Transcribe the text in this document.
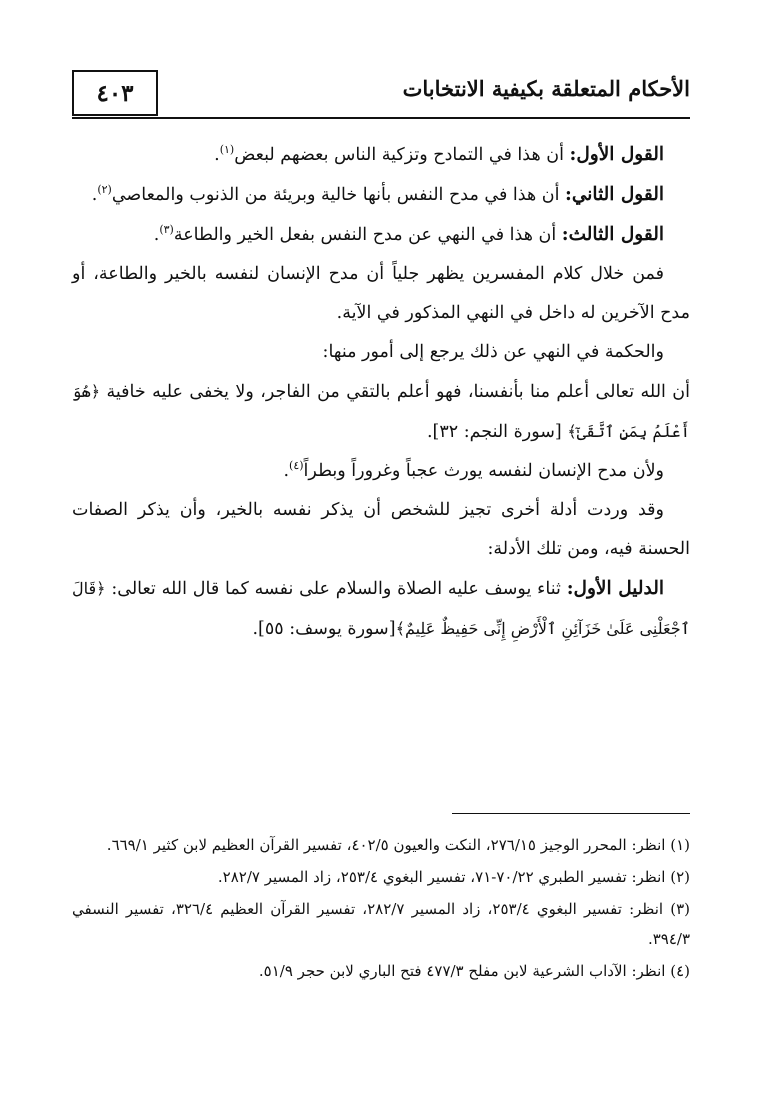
الأحكام المتعلقة بكيفية الانتخابات
٤٠٣

القول الأول: أن هذا في التمادح وتزكية الناس بعضهم لبعض$^{(١)}$.

القول الثاني: أن هذا في مدح النفس بأنها خالية وبريئة من الذنوب والمعاصي$^{(٢)}$.

القول الثالث: أن هذا في النهي عن مدح النفس بفعل الخير والطاعة$^{(٣)}$.

فمن خلال كلام المفسرين يظهر جلياً أن مدح الإنسان لنفسه بالخير والطاعة، أو مدح الآخرين له داخل في النهي المذكور في الآية.

والحكمة في النهي عن ذلك يرجع إلى أمور منها:

أن الله تعالى أعلم منا بأنفسنا، فهو أعلم بالتقي من الفاجر، ولا يخفى عليه خافية ﴿هُوَ أَعْلَمُ بِمَنِ ٱتَّقَىٰٓ﴾ [سورة النجم: ٣٢].

ولأن مدح الإنسان لنفسه يورث عجباً وغروراً وبطراً$^{(٤)}$.

وقد وردت أدلة أخرى تجيز للشخص أن يذكر نفسه بالخير، وأن يذكر الصفات الحسنة فيه، ومن تلك الأدلة:

الدليل الأول: ثناء يوسف عليه الصلاة والسلام على نفسه كما قال الله تعالى: ﴿قَالَ ٱجْعَلْنِى عَلَىٰ خَزَآئِنِ ٱلْأَرْضِ إِنِّى حَفِيظٌ عَلِيمٌ﴾[سورة يوسف: ٥٥].

(١) انظر: المحرر الوجيز ٢٧٦/١٥، النكت والعيون ٤٠٢/٥، تفسير القرآن العظيم لابن كثير ٦٦٩/١.

(٢) انظر: تفسير الطبري ٧٠/٢٢-٧١، تفسير البغوي ٢٥٣/٤، زاد المسير ٢٨٢/٧.

(٣) انظر: تفسير البغوي ٢٥٣/٤، زاد المسير ٢٨٢/٧، تفسير القرآن العظيم ٣٢٦/٤، تفسير النسفي ٣٩٤/٣.

(٤) انظر: الآداب الشرعية لابن مفلح ٤٧٧/٣ فتح الباري لابن حجر ٥١/٩.
